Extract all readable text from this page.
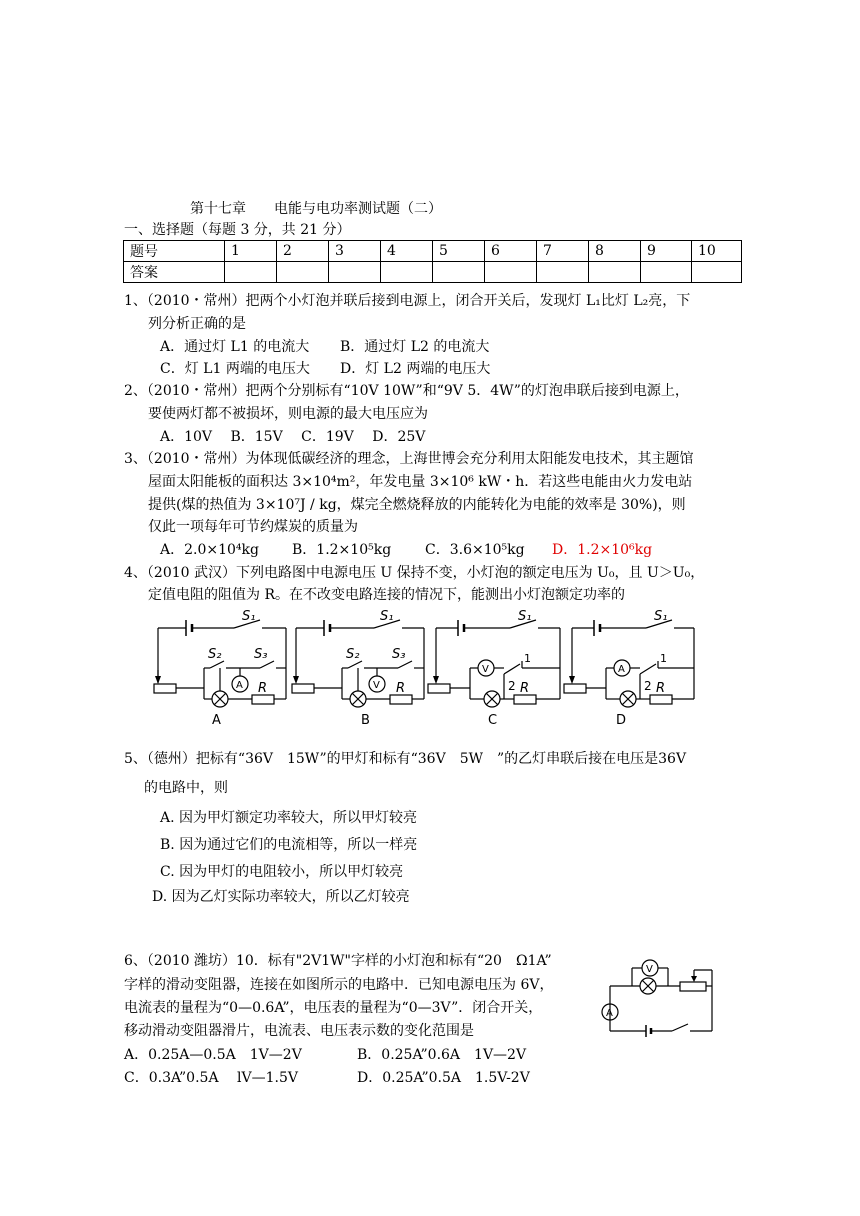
第十七章　　电能与电功率测试题（二）
一、选择题（每题 3 分，共 21 分）
题号	1	2	3	4	5	6	7	8	9	10
答案										
1、（2010・常州）把两个小灯泡并联后接到电源上，闭合开关后，发现灯 L₁比灯 L₂亮，下
列分析正确的是
A．通过灯 L1 的电流大 B．通过灯 L2 的电流大
C．灯 L1 两端的电压大 D．灯 L2 两端的电压大
2、（2010・常州）把两个分别标有“10V 10W”和“9V 5．4W”的灯泡串联后接到电源上，
要使两灯都不被损坏，则电源的最大电压应为
A．10V　 B．15V　 C．19V　 D．25V
3、（2010・常州）为体现低碳经济的理念，上海世博会充分利用太阳能发电技术，其主题馆
屋面太阳能板的面积达 3×10⁴m²，年发电量 3×10⁶ kW・h．若这些电能由火力发电站
提供(煤的热值为 3×10⁷J / kg，煤完全燃烧释放的内能转化为电能的效率是 30%)，则
仅此一项每年可节约煤炭的质量为
A．2.0×10⁴kg B．1.2×10⁵kg C．3.6×10⁵kg D．1.2×10⁶kg
4、（2010 武汉）下列电路图中电源电压 U 保持不变，小灯泡的额定电压为 U₀，且 U＞U₀，
定值电阻的阻值为 R。在不改变电路连接的情况下，能测出小灯泡额定功率的
S₁	S₁	S₁	S₁
S₂	S₃	S₂	S₃
R	R	R	R
A	V
V	A
1
2
1
2
A	B	C	D
5、（德州）把标有“36V　15W”的甲灯和标有“36V　5W　”的乙灯串联后接在电压是36V
的电路中，则
A. 因为甲灯额定功率较大，所以甲灯较亮
B. 因为通过它们的电流相等，所以一样亮
C. 因为甲灯的电阻较小，所以甲灯较亮
D. 因为乙灯实际功率较大，所以乙灯较亮
6、（2010 潍坊）10．标有"2V1W"字样的小灯泡和标有“20　Ω1A”
字样的滑动变阻器，连接在如图所示的电路中．已知电源电压为 6V，
电流表的量程为“0—0.6A”，电压表的量程为“0—3V”．闭合开关，
移动滑动变阻器滑片，电流表、电压表示数的变化范围是
A．0.25A—0.5A　1V—2V	B．0.25A”0.6A　1V—2V
C．0.3A”0.5A　 lV—1.5V	D．0.25A”0.5A　1.5V-2V
V
A
